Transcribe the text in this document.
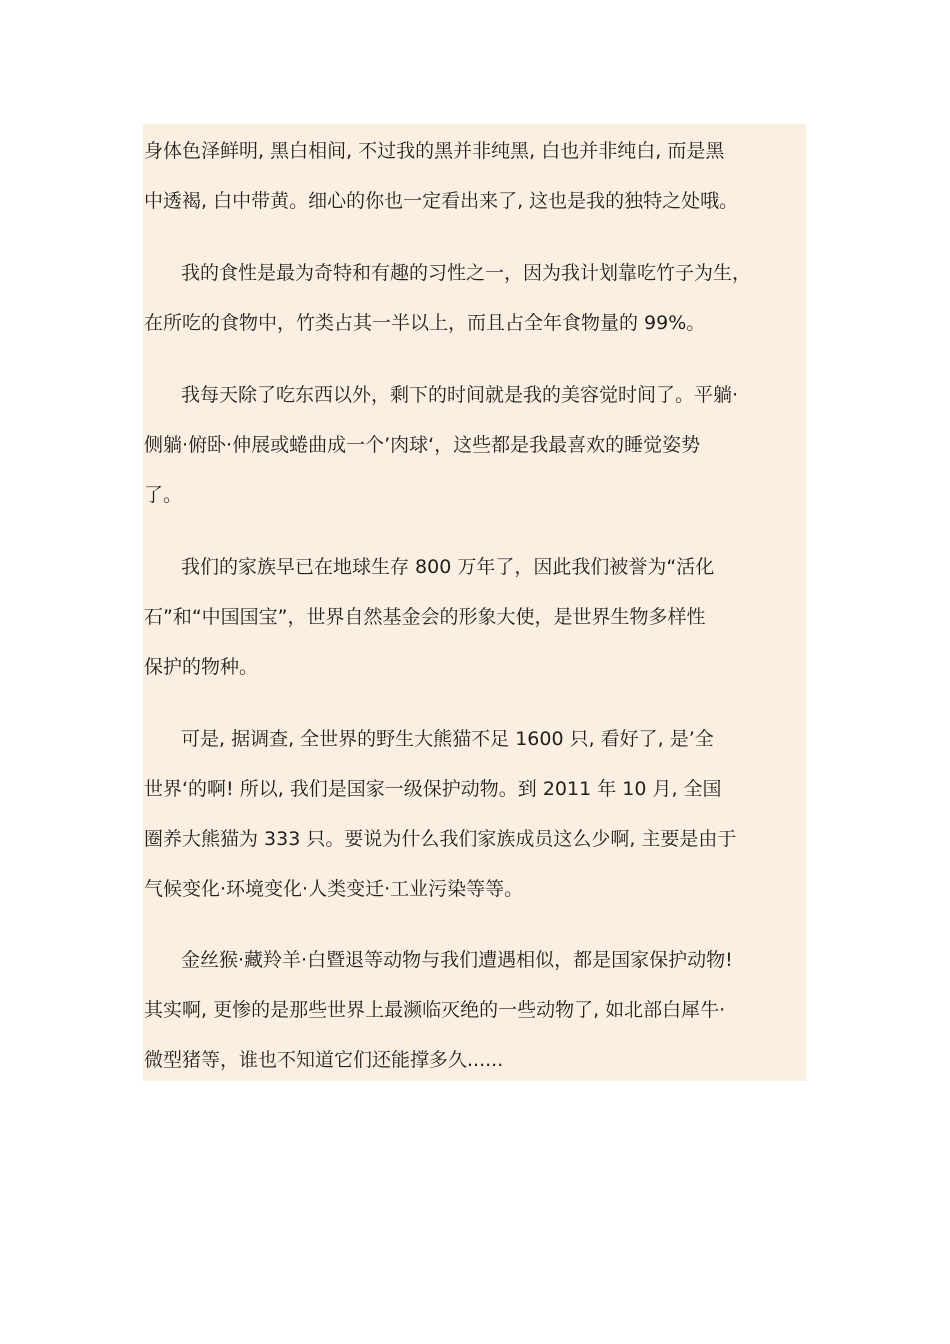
身体色泽鲜明, 黑白相间, 不过我的黑并非纯黑, 白也并非纯白, 而是黑
中透褐, 白中带黄。细心的你也一定看出来了, 这也是我的独特之处哦。
我的食性是最为奇特和有趣的习性之一，因为我计划靠吃竹子为生，
在所吃的食物中，竹类占其一半以上，而且占全年食物量的 99%。
我每天除了吃东西以外，剩下的时间就是我的美容觉时间了。平躺·
侧躺·俯卧·伸展或蜷曲成一个’肉球‘，这些都是我最喜欢的睡觉姿势
了。
我们的家族早已在地球生存 800 万年了，因此我们被誉为“活化
石”和“中国国宝”，世界自然基金会的形象大使，是世界生物多样性
保护的物种。
可是, 据调查, 全世界的野生大熊猫不足 1600 只, 看好了, 是’全
世界‘的啊! 所以, 我们是国家一级保护动物。到 2011 年 10 月, 全国
圈养大熊猫为 333 只。要说为什么我们家族成员这么少啊, 主要是由于
气候变化·环境变化·人类变迁·工业污染等等。
金丝猴·藏羚羊·白暨退等动物与我们遭遇相似，都是国家保护动物!
其实啊, 更惨的是那些世界上最濒临灭绝的一些动物了, 如北部白犀牛·
微型猪等，谁也不知道它们还能撑多久......
